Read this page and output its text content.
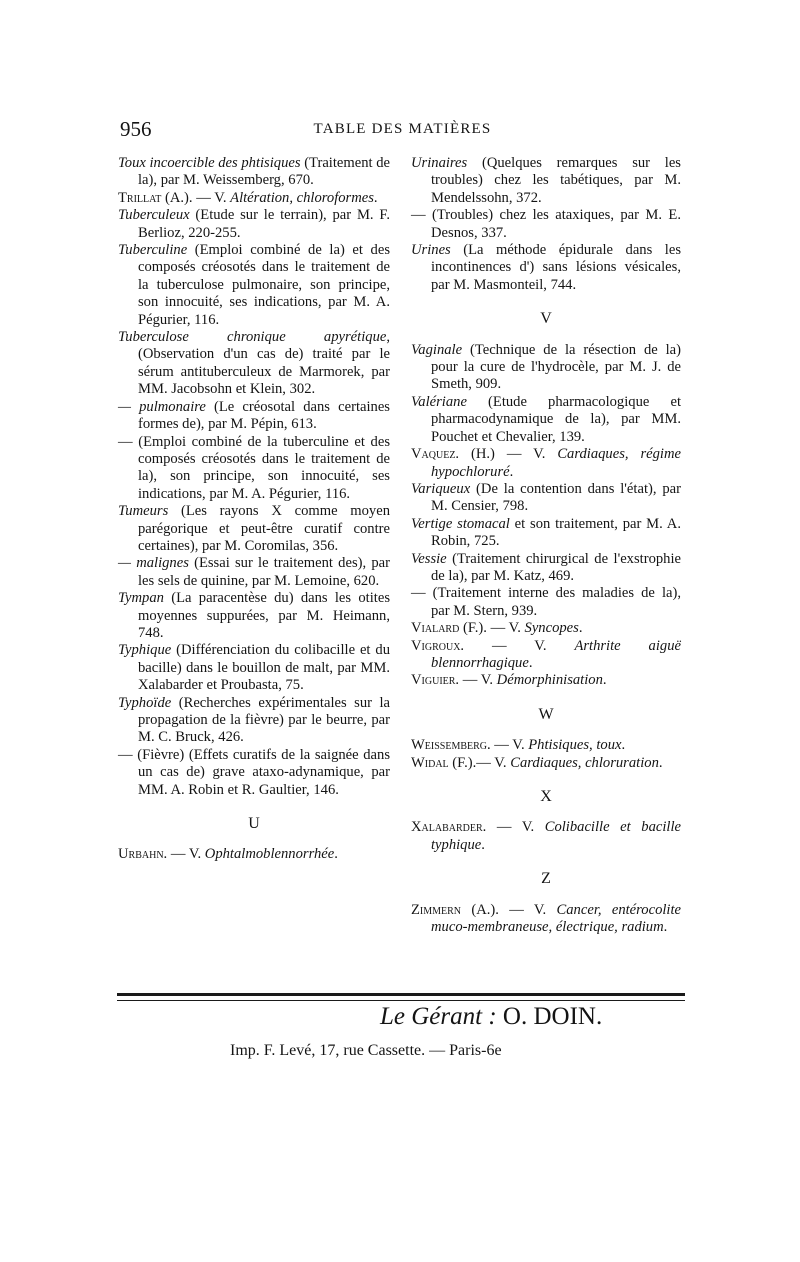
956	TABLE DES MATIÈRES

Toux incoercible des phtisiques (Traitement de la), par M. Weissemberg, 670.

Trillat (A.). — V. Altération, chloroformes.

Tuberculeux (Etude sur le terrain), par M. F. Berlioz, 220-255.

Tuberculine (Emploi combiné de la) et des composés créosotés dans le traitement de la tuberculose pulmonaire, son principe, son innocuité, ses indications, par M. A. Pégurier, 116.

Tuberculose chronique apyrétique, (Observation d'un cas de) traité par le sérum antituberculeux de Marmorek, par MM. Jacobsohn et Klein, 302.

— pulmonaire (Le créosotal dans certaines formes de), par M. Pépin, 613.

— (Emploi combiné de la tuberculine et des composés créosotés dans le traitement de la), son principe, son innocuité, ses indications, par M. A. Pégurier, 116.

Tumeurs (Les rayons X comme moyen parégorique et peut-être curatif contre certaines), par M. Coromilas, 356.

— malignes (Essai sur le traitement des), par les sels de quinine, par M. Lemoine, 620.

Tympan (La paracentèse du) dans les otites moyennes suppurées, par M. Heimann, 748.

Typhique (Différenciation du colibacille et du bacille) dans le bouillon de malt, par MM. Xalabarder et Proubasta, 75.

Typhoïde (Recherches expérimentales sur la propagation de la fièvre) par le beurre, par M. C. Bruck, 426.

— (Fièvre) (Effets curatifs de la saignée dans un cas de) grave ataxo-adynamique, par MM. A. Robin et R. Gaultier, 146.

U

Urbahn. — V. Ophtalmoblennorrhée.

Urinaires (Quelques remarques sur les troubles) chez les tabétiques, par M. Mendelssohn, 372.

— (Troubles) chez les ataxiques, par M. E. Desnos, 337.

Urines (La méthode épidurale dans les incontinences d') sans lésions vésicales, par M. Masmonteil, 744.

V

Vaginale (Technique de la résection de la) pour la cure de l'hydrocèle, par M. J. de Smeth, 909.

Valériane (Etude pharmacologique et pharmacodynamique de la), par MM. Pouchet et Chevalier, 139.

Vaquez. (H.) — V. Cardiaques, régime hypochloruré.

Variqueux (De la contention dans l'état), par M. Censier, 798.

Vertige stomacal et son traitement, par M. A. Robin, 725.

Vessie (Traitement chirurgical de l'exstrophie de la), par M. Katz, 469.

— (Traitement interne des maladies de la), par M. Stern, 939.

Vialard (F.). — V. Syncopes.

Vigroux. — V. Arthrite aiguë blennorrhagique.

Viguier. — V. Démorphinisation.

W

Weissemberg. — V. Phtisiques, toux.

Widal (F.).— V. Cardiaques, chloruration.

X

Xalabarder. — V. Colibacille et bacille typhique.

Z

Zimmern (A.). — V. Cancer, entérocolite muco-membraneuse, électrique, radium.

Le Gérant : O. DOIN.
Imp. F. Levé, 17, rue Cassette. — Paris-6e
